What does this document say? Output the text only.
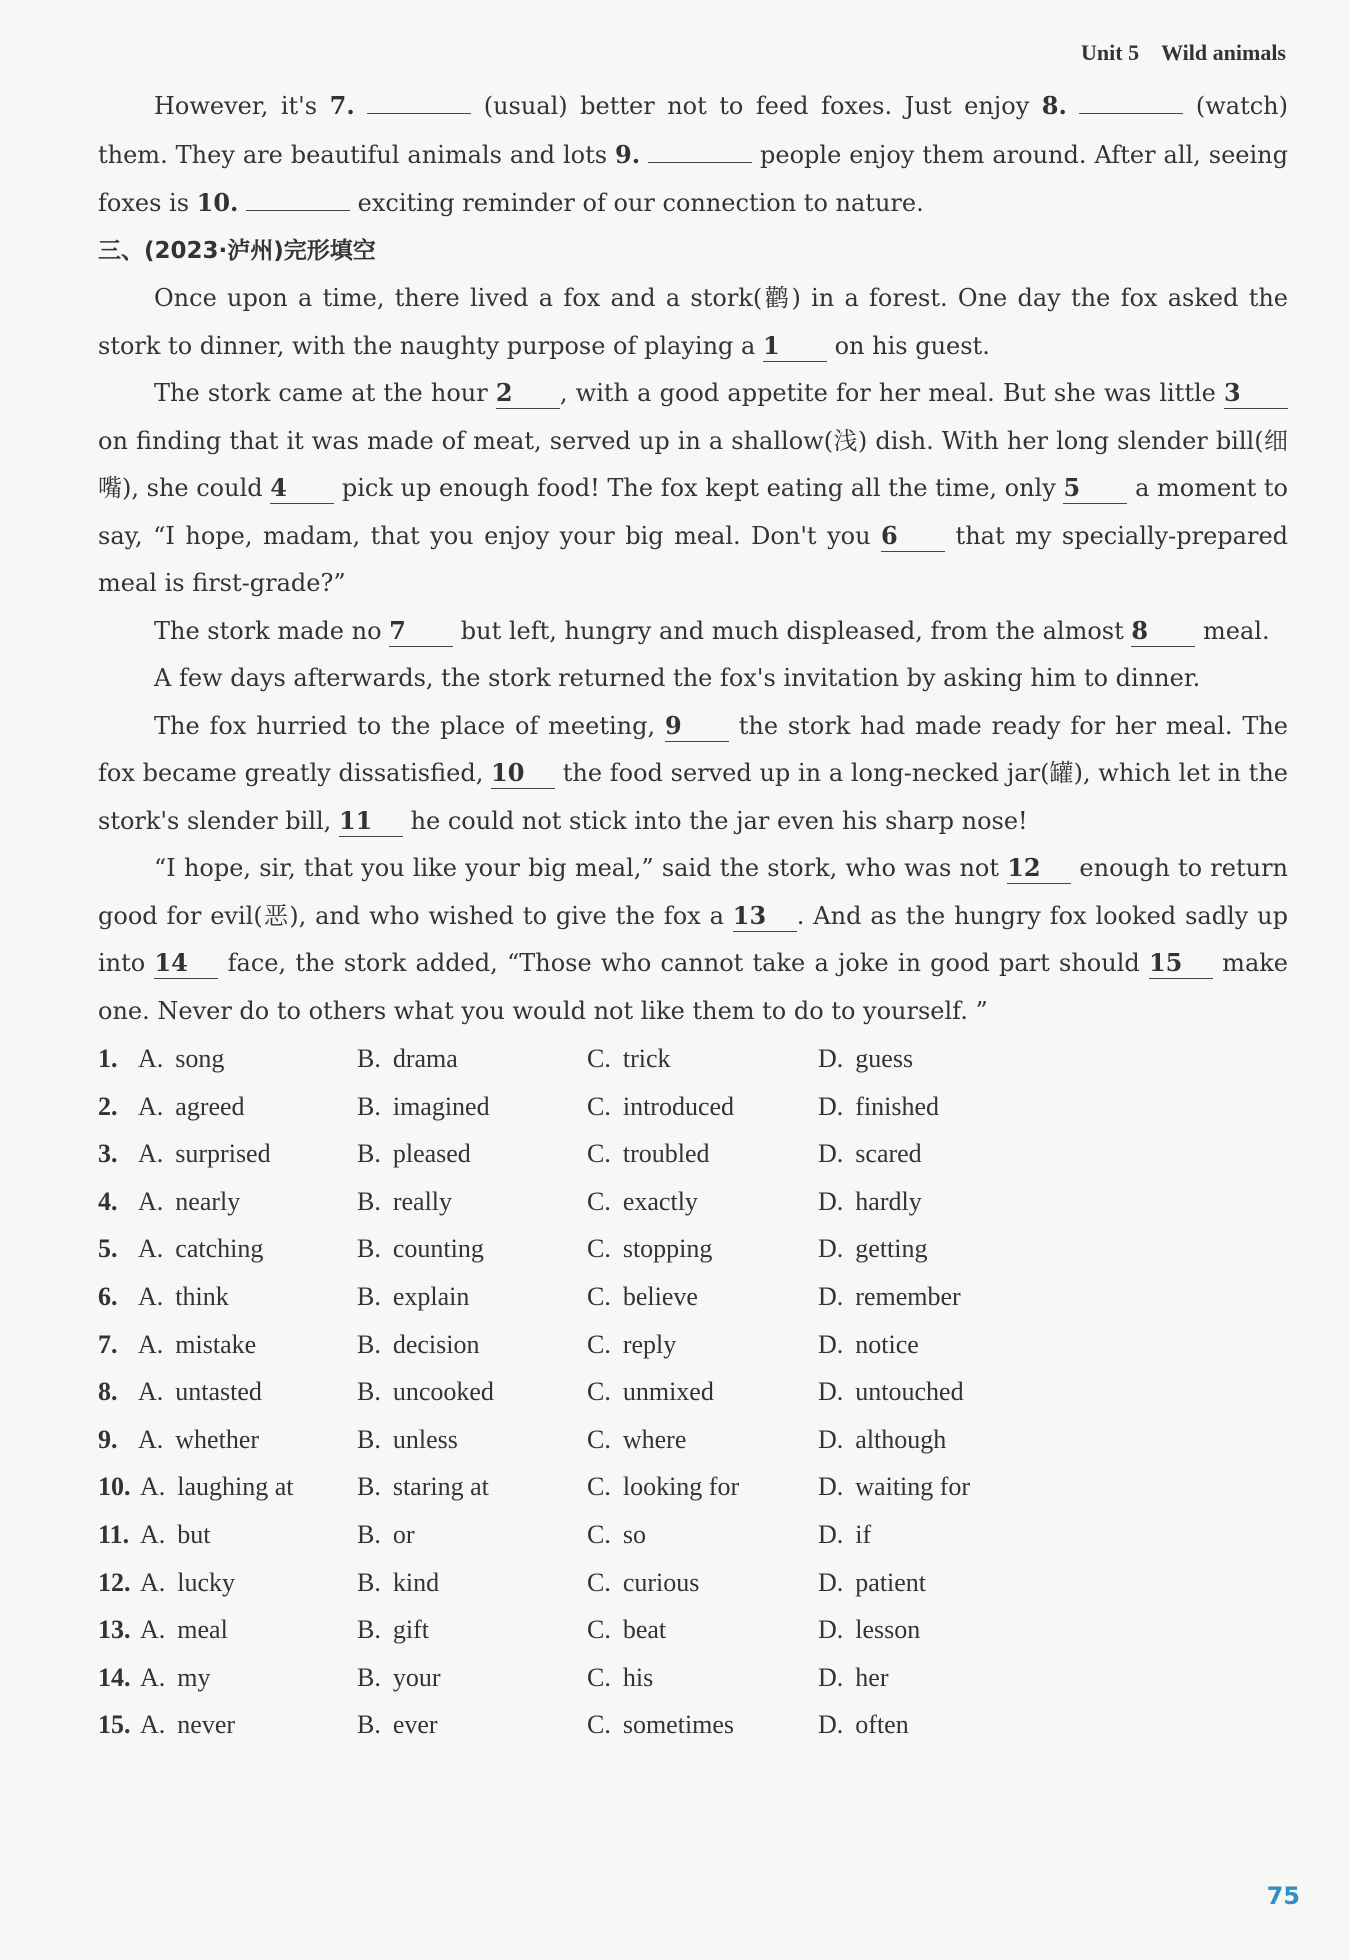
Unit 5 Wild animals

However, it's 7.	(usual) better not to feed foxes. Just enjoy 8.	(watch) them. They are beautiful animals and lots 9.	people enjoy them around. After all, seeing foxes is 10.	exciting reminder of our connection to nature.

三、(2023·泸州)完形填空

Once upon a time, there lived a fox and a stork(鹳) in a forest. One day the fox asked the stork to dinner, with the naughty purpose of playing a 1 on his guest.

The stork came at the hour 2 , with a good appetite for her meal. But she was little 3 on finding that it was made of meat, served up in a shallow(浅) dish. With her long slender bill(细嘴), she could 4 pick up enough food! The fox kept eating all the time, only 5 a moment to say, “I hope, madam, that you enjoy your big meal. Don't you 6 that my specially-prepared meal is first-grade?”

The stork made no 7 but left, hungry and much displeased, from the almost 8 meal.

A few days afterwards, the stork returned the fox's invitation by asking him to dinner.

The fox hurried to the place of meeting, 9 the stork had made ready for her meal. The fox became greatly dissatisfied, 10 the food served up in a long-necked jar(罐), which let in the stork's slender bill, 11 he could not stick into the jar even his sharp nose!

“I hope, sir, that you like your big meal,” said the stork, who was not 12 enough to return good for evil(恶), and who wished to give the fox a 13 . And as the hungry fox looked sadly up into 14 face, the stork added, “Those who cannot take a joke in good part should 15 make one. Never do to others what you would not like them to do to yourself. ”

1. A. song	B. drama	C. trick	D. guess
2. A. agreed	B. imagined	C. introduced	D. finished
3. A. surprised	B. pleased	C. troubled	D. scared
4. A. nearly	B. really	C. exactly	D. hardly
5. A. catching	B. counting	C. stopping	D. getting
6. A. think	B. explain	C. believe	D. remember
7. A. mistake	B. decision	C. reply	D. notice
8. A. untasted	B. uncooked	C. unmixed	D. untouched
9. A. whether	B. unless	C. where	D. although
10. A. laughing at B. staring at	C. looking for	D. waiting for
11. A. but	B. or	C. so	D. if
12. A. lucky	B. kind	C. curious	D. patient
13. A. meal	B. gift	C. beat	D. lesson
14. A. my	B. your	C. his	D. her
15. A. never	B. ever	C. sometimes	D. often
75
